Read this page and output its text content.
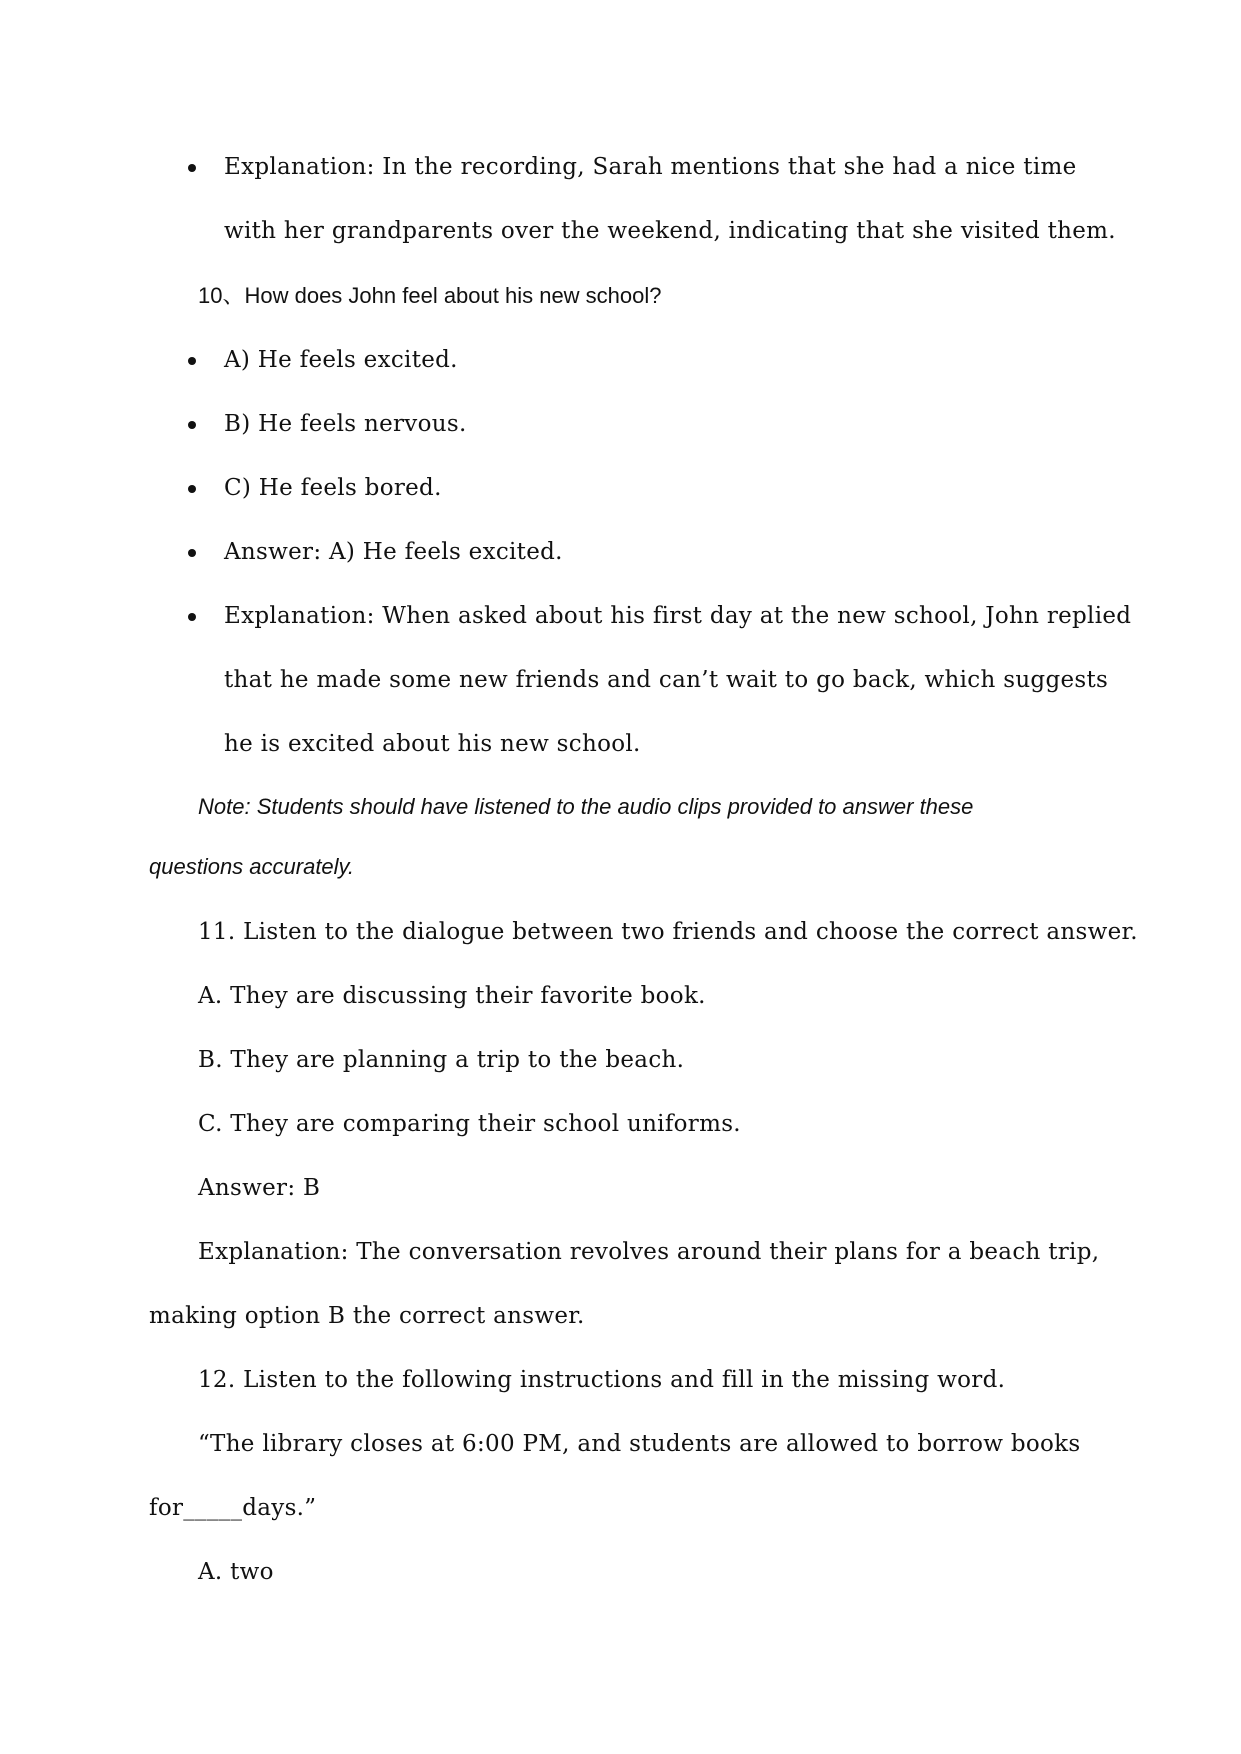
Explanation: In the recording, Sarah mentions that she had a nice time
with her grandparents over the weekend, indicating that she visited them.
10、How does John feel about his new school?
A) He feels excited.
B) He feels nervous.
C) He feels bored.
Answer: A) He feels excited.
Explanation: When asked about his first day at the new school, John replied
that he made some new friends and can’t wait to go back, which suggests
he is excited about his new school.
Note: Students should have listened to the audio clips provided to answer these
questions accurately.
11. Listen to the dialogue between two friends and choose the correct answer.
A. They are discussing their favorite book.
B. They are planning a trip to the beach.
C. They are comparing their school uniforms.
Answer: B
Explanation: The conversation revolves around their plans for a beach trip,
making option B the correct answer.
12. Listen to the following instructions and fill in the missing word.
“The library closes at 6:00 PM, and students are allowed to borrow books
for_____days.”
A. two
